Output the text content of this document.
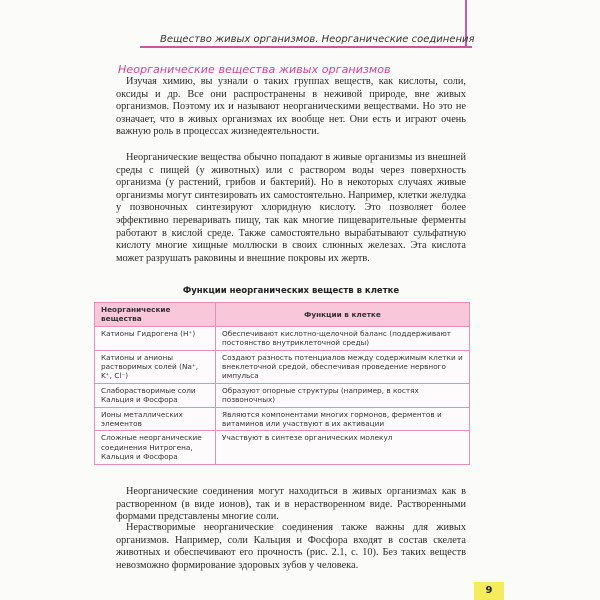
Вещество живых организмов. Неорганические соединения
Неорганические вещества живых организмов
Изучая химию, вы узнали о таких группах веществ, как кислоты, соли, оксиды и др. Все они распространены в неживой природе, вне живых организмов. Поэтому их и называют неорганическими веществами. Но это не означает, что в живых организмах их вообще нет. Они есть и играют очень важную роль в процессах жизнедеятельности.
Неорганические вещества обычно попадают в живые организмы из внешней среды с пищей (у животных) или с раствором воды через поверхность организма (у растений, грибов и бактерий). Но в некоторых случаях живые организмы могут синтезировать их самостоятельно. Например, клетки желудка у позвоночных синтезируют хлоридную кислоту. Это позволяет более эффективно переваривать пищу, так как многие пищеварительные ферменты работают в кислой среде. Также самостоятельно вырабатывают сульфатную кислоту многие хищные моллюски в своих слюнных железах. Эта кислота может разрушать раковины и внешние покровы их жертв.
Функции неорганических веществ в клетке
Неорганические вещества	Функции в клетке
Катионы Гидрогена (H⁺)	Обеспечивают кислотно-щелочной баланс (поддерживают постоянство внутриклеточной среды)
Катионы и анионы растворимых солей (Na⁺, K⁺, Cl⁻)	Создают разность потенциалов между содержимым клетки и внеклеточной средой, обеспечивая проведение нервного импульса
Слаборастворимые соли Кальция и Фосфора	Образуют опорные структуры (например, в костях позвоночных)
Ионы металлических элементов	Являются компонентами многих гормонов, ферментов и витаминов или участвуют в их активации
Сложные неорганические соединения Нитрогена, Кальция и Фосфора	Участвуют в синтезе органических молекул
Неорганические соединения могут находиться в живых организмах как в растворенном (в виде ионов), так и в нерастворенном виде. Растворенными формами представлены многие соли.
Нерастворимые неорганические соединения также важны для живых организмов. Например, соли Кальция и Фосфора входят в состав скелета животных и обеспечивают его прочность (рис. 2.1, с. 10). Без таких веществ невозможно формирование здоровых зубов у человека.
9
